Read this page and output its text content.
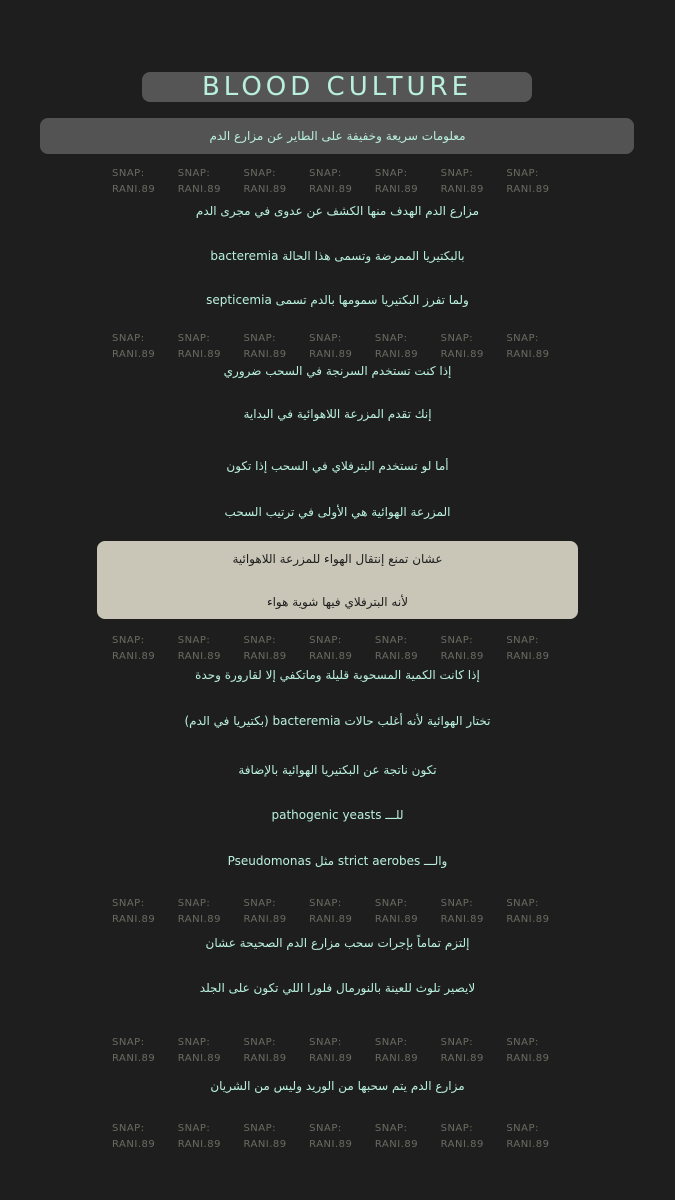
BLOOD CULTURE
معلومات سريعة وخفيفة على الطاير عن مزارع الدم
SNAP: RANI.89
SNAP: RANI.89
SNAP: RANI.89
SNAP: RANI.89
SNAP: RANI.89
SNAP: RANI.89
SNAP: RANI.89
مزارع الدم الهدف منها الكشف عن عدوى في مجرى الدم
بالبكتيريا الممرضة وتسمى هذا الحالة bacteremia
ولما تفرز البكتيريا سمومها بالدم تسمى septicemia
SNAP: RANI.89
SNAP: RANI.89
SNAP: RANI.89
SNAP: RANI.89
SNAP: RANI.89
SNAP: RANI.89
SNAP: RANI.89
إذا كنت تستخدم السرنجة في السحب ضروري
إنك تقدم المزرعة اللاهوائية في البداية
أما لو تستخدم البترفلاي في السحب إذا تكون
المزرعة الهوائية هي الأولى في ترتيب السحب
عشان تمنع إنتقال الهواء للمزرعة اللاهوائية
لأنه البترفلاي فيها شوية هواء
SNAP: RANI.89
SNAP: RANI.89
SNAP: RANI.89
SNAP: RANI.89
SNAP: RANI.89
SNAP: RANI.89
SNAP: RANI.89
إذا كانت الكمية المسحوبة قليلة وماتكفي إلا لقارورة وحدة
تختار الهوائية لأنه أغلب حالات bacteremia (بكتيريا في الدم)
تكون ناتجة عن البكتيريا الهوائية بالإضافة
للـــ pathogenic yeasts
والـــ strict aerobes مثل Pseudomonas
SNAP: RANI.89
SNAP: RANI.89
SNAP: RANI.89
SNAP: RANI.89
SNAP: RANI.89
SNAP: RANI.89
SNAP: RANI.89
إلتزم تماماً بإجرات سحب مزارع الدم الصحيحة عشان
لايصير تلوث للعينة بالنورمال فلورا اللي تكون على الجلد
SNAP: RANI.89
SNAP: RANI.89
SNAP: RANI.89
SNAP: RANI.89
SNAP: RANI.89
SNAP: RANI.89
SNAP: RANI.89
مزارع الدم يتم سحبها من الوريد وليس من الشريان
SNAP: RANI.89
SNAP: RANI.89
SNAP: RANI.89
SNAP: RANI.89
SNAP: RANI.89
SNAP: RANI.89
SNAP: RANI.89
